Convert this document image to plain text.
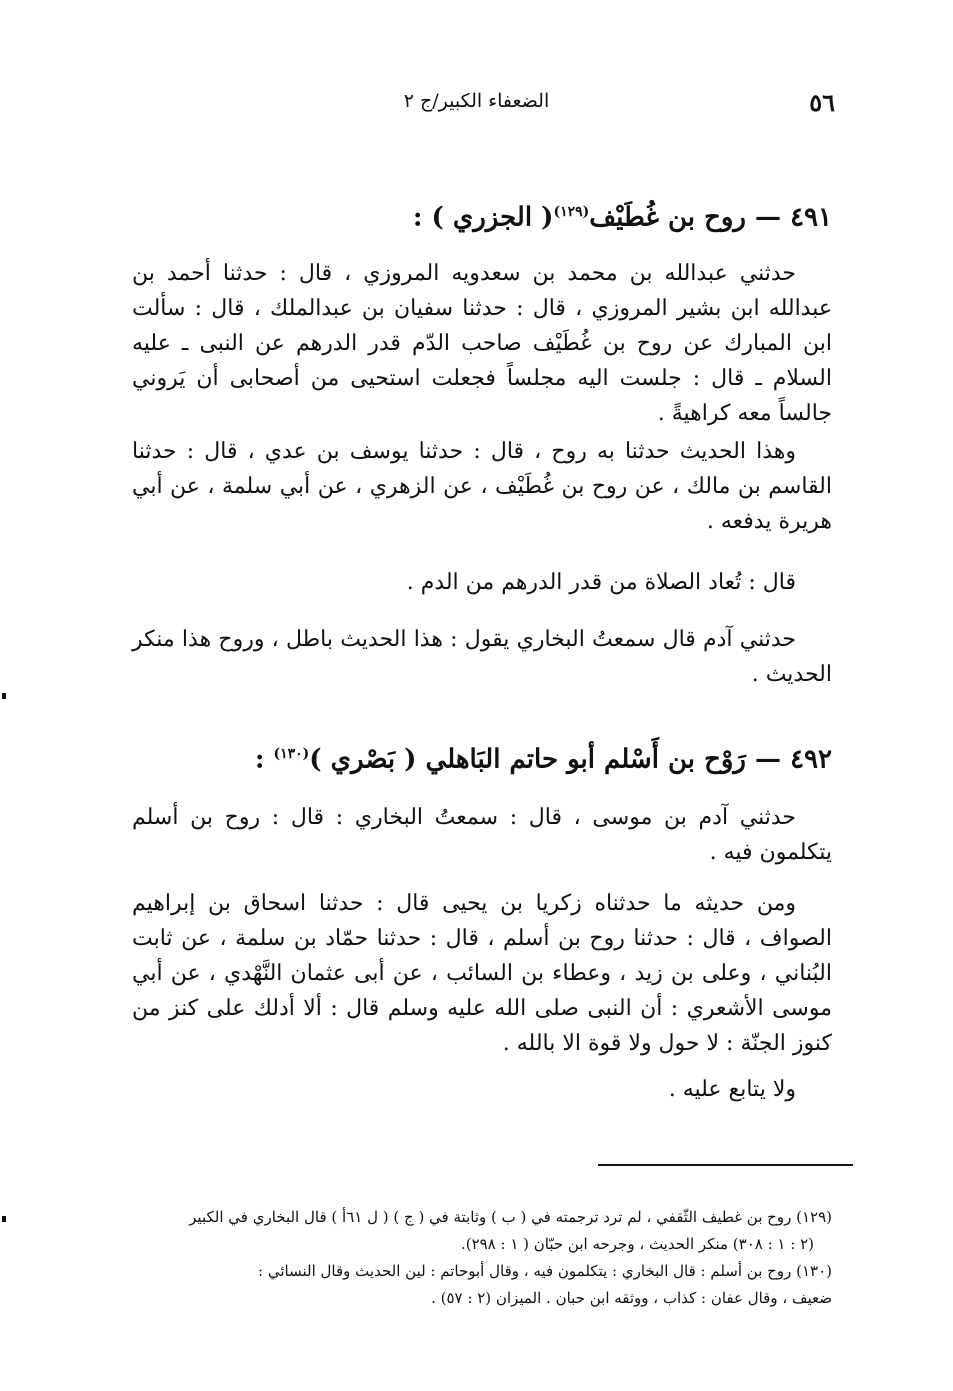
٥٦
الضعفاء الكبير/ج ٢
٤٩١ — روح بن غُطَيْف$^{(١٢٩)}$( الجزري ) :

حدثني عبدالله بن محمد بن سعدويه المروزي ، قال : حدثنا أحمد بن عبدالله ابن بشير المروزي ، قال : حدثنا سفيان بن عبدالملك ، قال : سألت ابن المبارك عن روح بن غُطَيْف صاحب الدّم قدر الدرهم عن النبى ـ عليه السلام ـ قال : جلست اليه مجلساً فجعلت استحيى من أصحابى أن يَروني جالساً معه كراهيةً .

وهذا الحديث حدثنا به روح ، قال : حدثنا يوسف بن عدي ، قال : حدثنا القاسم بن مالك ، عن روح بن غُطَيْف ، عن الزهري ، عن أبي سلمة ، عن أبي هريرة يدفعه .

قال : تُعاد الصلاة من قدر الدرهم من الدم .

حدثني آدم قال سمعتُ البخاري يقول : هذا الحديث باطل ، وروح هذا منكر الحديث .

٤٩٢ — رَوْح بن أَسْلم أبو حاتم البَاهلي ( بَصْري )$^{(١٣٠)}$ :

حدثني آدم بن موسى ، قال : سمعتُ البخاري : قال : روح بن أسلم يتكلمون فيه .

ومن حديثه ما حدثناه زكريا بن يحيى قال : حدثنا اسحاق بن إبراهيم الصواف ، قال : حدثنا روح بن أسلم ، قال : حدثنا حمّاد بن سلمة ، عن ثابت البُناني ، وعلى بن زيد ، وعطاء بن السائب ، عن أبى عثمان النَّهْدي ، عن أبي موسى الأشعري : أن النبى صلى الله عليه وسلم قال : ألا أدلك على كنز من كنوز الجنّة : لا حول ولا قوة الا بالله .

ولا يتابع عليه .

(١٢٩) روح بن غطيف الثّقفي ، لم ترد ترجمته في ( ب ) وثابتة في ( ج ) ( ل ٦١أ ) قال البخاري في الكبير

(٢ : ١ : ٣٠٨) منكر الحديث ، وجرحه ابن حبّان ( ١ : ٢٩٨).

(١٣٠) روح بن أسلم : قال البخاري : يتكلمون فيه ، وقال أبوحاتم : لين الحديث وقال النسائي :

ضعيف ، وقال عفان : كذاب ، ووثقه ابن حبان . الميزان (٢ : ٥٧) .
